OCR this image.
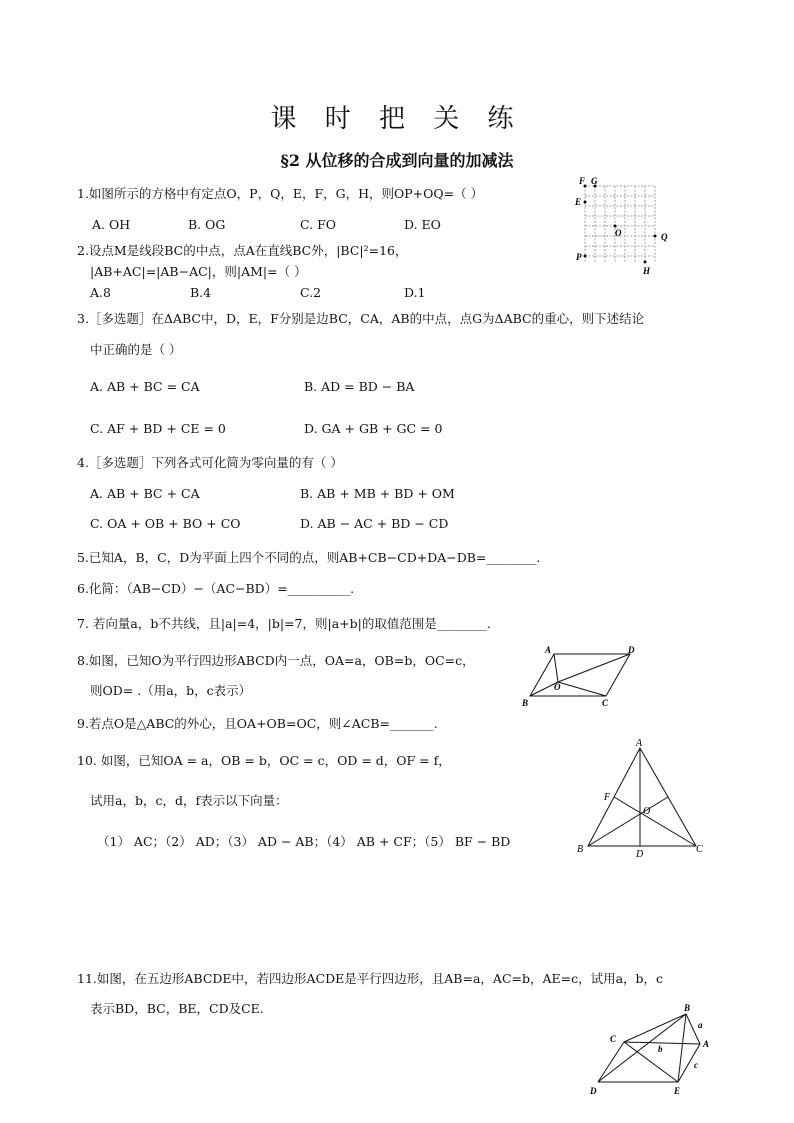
课 时 把 关 练
§2 从位移的合成到向量的加减法
1.如图所示的方格中有定点O，P，Q，E，F，G，H，则OP+OQ=（ ）
A. OH	B. OG	C. FO	D. EO
F G
E
O	Q
P
H
2.设点M是线段BC的中点，点A在直线BC外，|BC|²=16，
|AB+AC|=|AB−AC|，则|AM|=（ ）
A.8	B.4	C.2	D.1
3.［多选题］在ΔABC中，D，E，F分别是边BC，CA，AB的中点，点G为ΔABC的重心，则下述结论
中正确的是（ ）
A. AB + BC = CA	B. AD = BD − BA
C. AF + BD + CE = 0	D. GA + GB + GC = 0
4.［多选题］下列各式可化简为零向量的有（ ）
A. AB + BC + CA	B. AB + MB + BD + OM
C. OA + OB + BO + CO	D. AB − AC + BD − CD
5.已知A，B，C，D为平面上四个不同的点，则AB+CB−CD+DA−DB=________.
6.化简：（AB−CD）−（AC−BD）=__________.
7. 若向量a，b不共线，且|a|=4，|b|=7，则|a+b|的取值范围是________.
8.如图，已知O为平行四边形ABCD内一点，OA=a，OB=b，OC=c，
则OD= .（用a，b，c表示）
A	D
O
B	C
9.若点O是△ABC的外心，且OA+OB=OC，则∠ACB=_______.
10. 如图，已知OA = a，OB = b，OC = c，OD = d，OF = f，
试用a，b，c，d，f表示以下向量：
（1） AC；（2） AD；（3） AD − AB；（4） AB + CF；（5） BF − BD
A
F
O
B	D	C
11.如图，在五边形ABCDE中，若四边形ACDE是平行四边形，且AB=a，AC=b，AE=c，试用a，b，c
表示BD，BC，BE，CD及CE.	B
a
C
b	A
c
D	E
